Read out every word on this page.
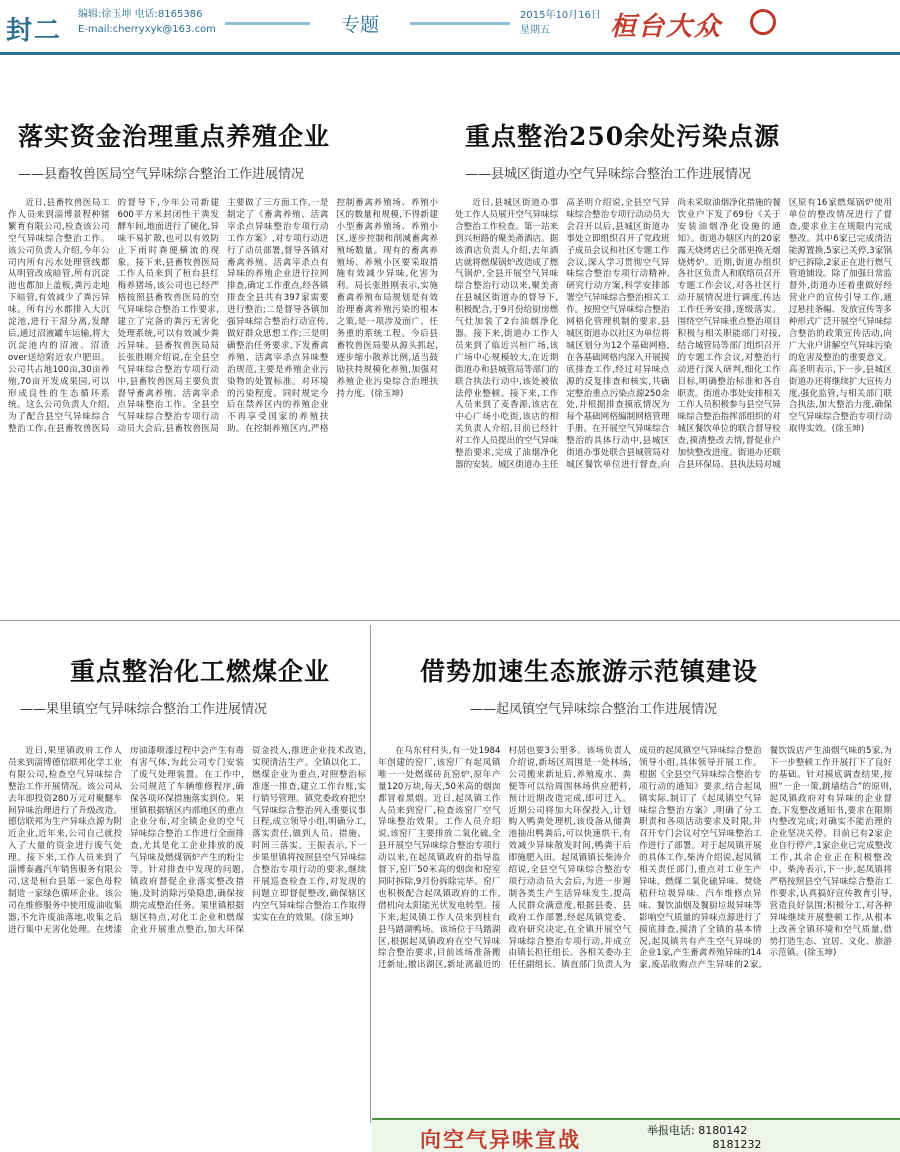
封二
编辑:徐玉坤 电话:8165386
E-mail:cherryxyk@163.com	专题	2015年10月16日
星期五	桓台大众
落实资金治理重点养殖企业
——县畜牧兽医局空气异味综合整治工作进展情况

近日,县畜牧兽医局工作人员来到淄博景程种猪繁育有限公司,检查该公司空气异味综合整治工作。该公司负责人介绍,今年公司内所有污水处理管线都从明管改成暗管,所有沉淀池也都加上盖板,粪污走地下暗管,有效减少了粪污异味。所有污水都排入大沉淀池,进行干湿分离,发酵后,通过沼液罐车运输,将大沉淀池内的沼液、沼渣over送给附近农户肥田。公司共占地100亩,30亩养殖,70亩开发成果园,可以形成良性的生态循环系统。这么公司负责人介绍,为了配合县空气异味综合整治工作,在县畜牧兽医局的督导下,今年公司新建600平方米封闭性干粪发酵车间,地面进行了硬化,异味不易扩散,也可以有效防止下雨时粪便横流的现象。接下来,县畜牧兽医局工作人员来到了桓台县红梅养猪场,该公司也已经严格按照县畜牧兽医局的空气异味综合整治工作要求,建立了完备的粪污无害化处理系统,可以有效减少粪污异味。县畜牧兽医局局长张胜刚介绍说,在全县空气异味综合整治专项行动中,县畜牧兽医局主要负责督导畜禽养殖、活禽宰杀点异味整治工作。全县空气异味综合整治专项行动动员大会后,县畜牧兽医局主要做了三方面工作,一是制定了《畜禽养殖、活禽宰杀点异味整治专项行动工作方案》,对专项行动进行了动员部署,督导各镇对畜禽养殖、活禽宰杀点有异味的养殖企业进行拉网排查,确定工作重点,经各镇排查全县共有397家需要进行整治;二是督导各镇加强异味综合整治行动宣传,做好群众思想工作;三是明确整治任务要求,下发畜禽养殖、活禽宰杀点异味整治规范,主要是养殖企业污染物的处置标准。对环境的污染程度。同时规定今后在禁养区内的养殖企业不再享受国家的养殖扶助。在控制养殖区内,严格控制畜禽养殖场、养殖小区的数量和规模,不得新建小型畜禽养殖场、养殖小区,逐步控制和削减畜禽养殖场数量。现有的畜禽养殖场、养殖小区要采取措施有效减少异味,化害为利。局长张胜刚表示,实施畜禽养殖布局规划是有效治理畜禽养殖污染的根本之策,是一项涉及面广、任务重的系统工程。今后县畜牧兽医局要从源头抓起,逐步缩小散养比例,适当鼓励扶持规模化养殖,加强对养殖企业污染综合治理扶持力度。(徐玉坤)

重点整治250余处污染点源
——县城区街道办空气异味综合整治工作进展情况

近日,县城区街道办事处工作人员展开空气异味综合整治工作检查。第一站来到兴桓路的聚美斋酒店。据该酒店负责人介绍,去年酒店就将燃煤锅炉改造成了燃气锅炉,全县开展空气异味综合整治行动以来,聚美斋在县城区街道办的督导下,积极配合,于9月份给厨房燃气灶加装了2台油烟净化器。接下来,街道办工作人员来到了临近兴桓广场,该广场中心规模较大,在近期街道办和县城管局等部门的联合执法行动中,该处被依法停业整顿。接下来,工作人员来到了麦香源,该店在中心广场小吃街,该店的相关负责人介绍,目前已经针对工作人员提出的空气异味整治要求,完成了油烟净化器的安装。城区街道办主任高圣明介绍说,全县空气异味综合整治专项行动动员大会召开以后,县城区街道办事处立即组织召开了党政班子成员会议和社区专题工作会议,深入学习贯彻空气异味综合整治专项行动精神,研究行动方案,科学安排部署空气异味综合整治相关工作。按照空气异味综合整治网格化管理机制的要求,县城区街道办以社区为单位将城区划分为12个基础网格,在各基础网格内深入开展摸底排查工作,经过对异味点源的反复排查和核实,共确定整治重点污染点源250余处,并根据排查摸底情况为每个基础网格编制网格管理手册。在开展空气异味综合整治的具体行动中,县城区街道办事处联合县城管局对城区餐饮单位进行督查,向尚未采取油烟净化措施的餐饮业户下发了69份《关于安装油烟净化设施的通知》。街道办辖区内的20家露天烧烤店已全部更换无烟烧烤炉。近期,街道办组织各社区负责人和联络员召开专题工作会议,对各社区行动开展情况进行调度,传达工作任务安排,逐级落实。围绕空气异味重点整治项目积极与相关职能部门对接,结合城管局等部门组织召开的专题工作会议,对整治行动进行深入研判,细化工作目标,明确整治标准和各自职责。街道办事处安排相关工作人员积极参与县空气异味综合整治指挥部组织的对城区餐饮单位的联合督导检查,摸清整改去情,督促业户加快整改进度。街道办还联合县环保局、县执法局对城区原有16家燃煤锅炉使用单位的整改情况进行了督查,要求业主在规限内完成整改。其中6家已完成清洁能源置换,5家已关停,3家锅炉已拆除,2家正在进行燃气管道铺设。除了加强日常监督外,街道办还着重做好经营业户的宣传引导工作,通过悬挂条幅、发放宣传等多种形式广泛开展空气异味综合整治的政策宣传活动,向广大业户讲解空气异味污染的危害及整治的重要意义。高圣明表示,下一步,县城区街道办还将继续扩大宣传力度,强化监管,与相关部门联合执法,加大整治力度,确保空气异味综合整治专项行动取得实效。(徐玉坤)

重点整治化工燃煤企业
——果里镇空气异味综合整治工作进展情况

近日,果里镇政府工作人员来到淄博德信联邦化学工业有限公司,检查空气异味综合整治工作开展情况。该公司从去年即投资280万元对聚醚车间异味治理进行了升级改造。德信联邦为生产异味点源为附近企业,近年来,公司自己就投入了大量的资金进行废气处理。接下来,工作人员来到了淄博泰鑫汽车销售服务有限公司,这是桓台县第一家色母粒制造一家绿色循环企业。该公司在维修服务中使用废油收集器,不允许废油落地,收集之后进行集中无害化处理。在烤漆房油漆喷漆过程中会产生有毒有害气体,为此公司专门安装了废气处理装置。在工作中,公司规范了车辆维修程序,确保各项环保措施落实到位。果里镇根据辖区内部地区的重点企业分布,对全镇企业的空气异味综合整治工作进行全面排查,尤其是化工企业排放的废气异味及燃煤锅炉产生的粉尘等。针对排查中发现的问题,镇政府督促企业落实整改措施,及时消除污染隐患,确保按期完成整治任务。果里镇根据辖区特点,对化工企业和燃煤企业开展重点整治,加大环保资金投入,推进企业技术改造,实现清洁生产。全镇以化工、燃煤企业为重点,对照整治标准逐一排查,建立工作台账,实行销号管理。镇党委政府把空气异味综合整治列入重要议事日程,成立领导小组,明确分工,落实责任,做到人员、措施、时间三落实。王振表示,下一步果里镇将按照县空气异味综合整治专项行动的要求,继续开展巡查检查工作,对发现的问题立即督促整改,确保辖区内空气异味综合整治工作取得实实在在的效果。(徐玉坤)

借势加速生态旅游示范镇建设
——起凤镇空气异味综合整治工作进展情况

在乌东村村头,有一处1984年创建的窑厂,该窑厂有起凤镇唯一一处燃煤砖瓦窑炉,原年产量120万块,每天,50米高的烟囱都冒着黑烟。近日,起凤镇工作人员来到窑厂,检查该窑厂空气异味整治效果。工作人员介绍说,该窑厂主要排放二氧化硫,全县开展空气异味综合整治专项行动以来,在起凤镇政府的指导监督下,窑厂50米高的烟囱和窑室同时拆除,9月份拆除完毕。窑厂也积极配合起凤镇政府的工作,借机向太阳能光伏发电转型。接下来,起凤镇工作人员来到桂台县马踏湖鸭场。该场位于马踏湖区,根据起凤镇政府在空气异味综合整治要求,目前该场准备搬迁新址,撤出湖区,新址离最近的村居也要3公里多。该场负责人介绍说,新场区周围是一处林场,公司搬来新址后,养殖废水、粪便等可以给周围林场供应肥料,预计近期改造完成,即可迁入。近期公司将加大环保投入,计划购入鸭粪处理机,该设备从储粪池抽出鸭粪后,可以快速烘干,有效减少异味散发时间,鸭粪干后即施肥入田。起凤镇镇长柴涛介绍说,全县空气异味综合整治专项行动动员大会后,为进一步遏制各类生产生活异味发生,提高人民群众满意度,根据县委、县政府工作部署,经起凤镇党委、政府研究决定,在全镇开展空气异味综合整治专项行动,并成立由镇长担任组长、各相关委办主任任副组长、镇直部门负责人为成员的起凤镇空气异味综合整治领导小组,具体领导开展工作。根据《全县空气异味综合整治专项行动的通知》要求,结合起凤镇实际,制订了《起凤镇空气异味综合整治方案》,明确了分工职责和各项活动要求及时限,并召开专门会议对空气异味整治工作进行了部署。对于起凤镇开展的具体工作,柴涛介绍说,起凤镇相关责任部门,重点对工业生产异味、燃煤二氧化硫异味、焚烧秸秆垃圾异味、汽车维修点异味、餐饮油烟及餐厨垃圾异味等影响空气质量的异味点源进行了摸底排查,摸清了全镇的基本情况,起凤镇共有产生空气异味的企业1家,产生畜禽养殖异味的14家,废品收购点产生异味的2家,餐饮饭店产生油烟气味的5家,为下一步整顿工作开展打下了良好的基础。针对摸底调查结果,按照“一企一策,跳墙结合”的原则,起凤镇政府对有异味的企业督查,下发整改通知书,要求在限期内整改完成;对确实不能治理的企业坚决关停。目前已有2家企业自行停产,1家企业已完成整改工作,其余企业正在积极整改中。柴涛表示,下一步,起凤镇将严格按照县空气异味综合整治工作要求,认真搞好宣传教育引导,营造良好氛围;积极分工,对各种异味继续开展整顿工作,从根本上改善全镇环境和空气质量,借势打造生态、宜居、文化、旅游示范镇。(徐玉坤)

向空气异味宣战	举报电话: 8180142
8181232
